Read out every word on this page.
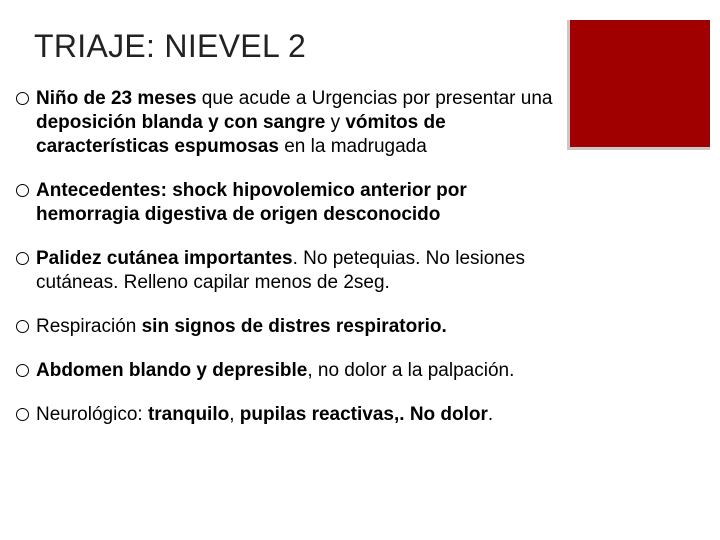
TRIAJE: NIEVEL 2
Niño de 23 meses que acude a Urgencias por presentar una deposición blanda y con sangre y vómitos de características espumosas en la madrugada
Antecedentes: shock hipovolemico anterior por hemorragia digestiva de origen desconocido
Palidez cutánea importantes. No petequias. No lesiones cutáneas. Relleno capilar menos de 2seg.
Respiración sin signos de distres respiratorio.
Abdomen blando y depresible, no dolor a la palpación.
Neurológico: tranquilo, pupilas reactivas,. No dolor.
